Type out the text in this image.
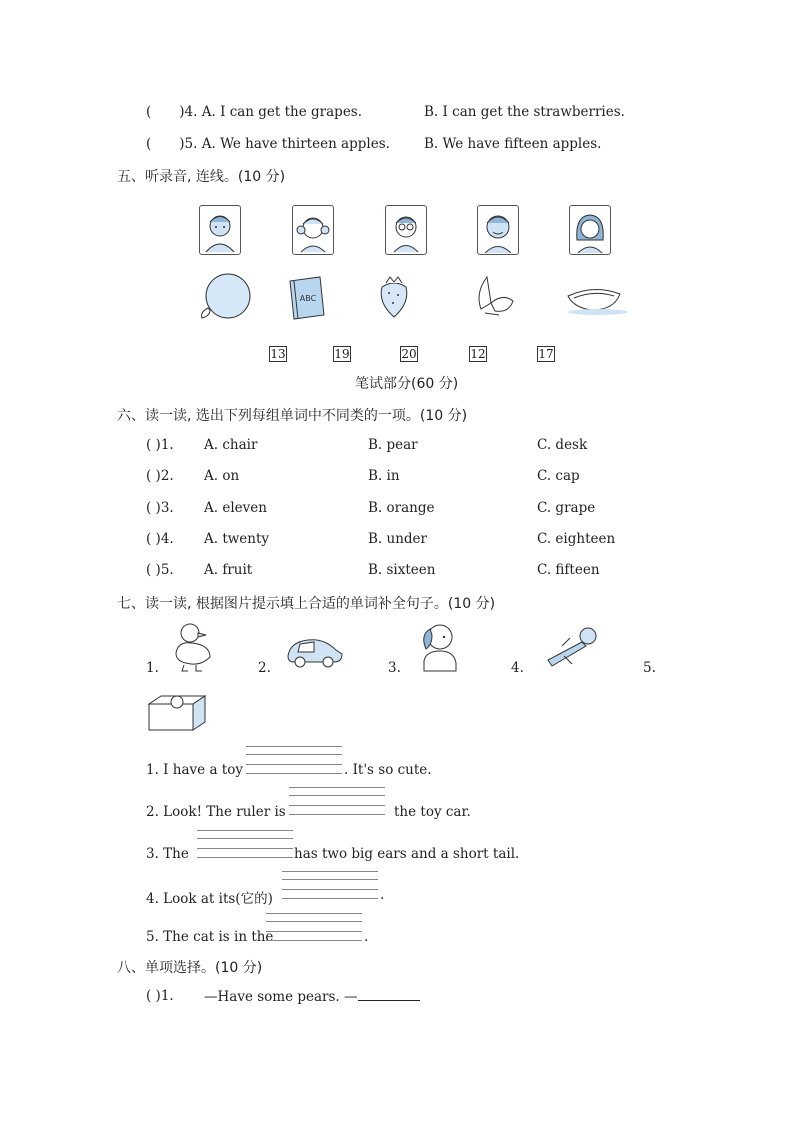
( )4. A. I can get the grapes.	B. I can get the strawberries.
( )5. A. We have thirteen apples.	B. We have fifteen apples.
五、听录音, 连线。(10 分)
ABC
13	19	20	12	17
笔试部分(60 分)
六、读一读, 选出下列每组单词中不同类的一项。(10 分)
( )1. A. chair	B. pear	C. desk
( )2. A. on	B. in	C. cap
( )3. A. eleven	B. orange	C. grape
( )4. A. twenty	B. under	C. eighteen
( )5. A. fruit	B. sixteen	C. fifteen
七、读一读, 根据图片提示填上合适的单词补全句子。(10 分)
1.	2.	3.	4.	5.
1. I have a toy	. It's so cute.
2. Look! The ruler is	the toy car.
3. The	has two big ears and a short tail.
4. Look at its(它的)	.
5. The cat is in the	.
八、单项选择。(10 分)
( )1. —Have some pears. —
